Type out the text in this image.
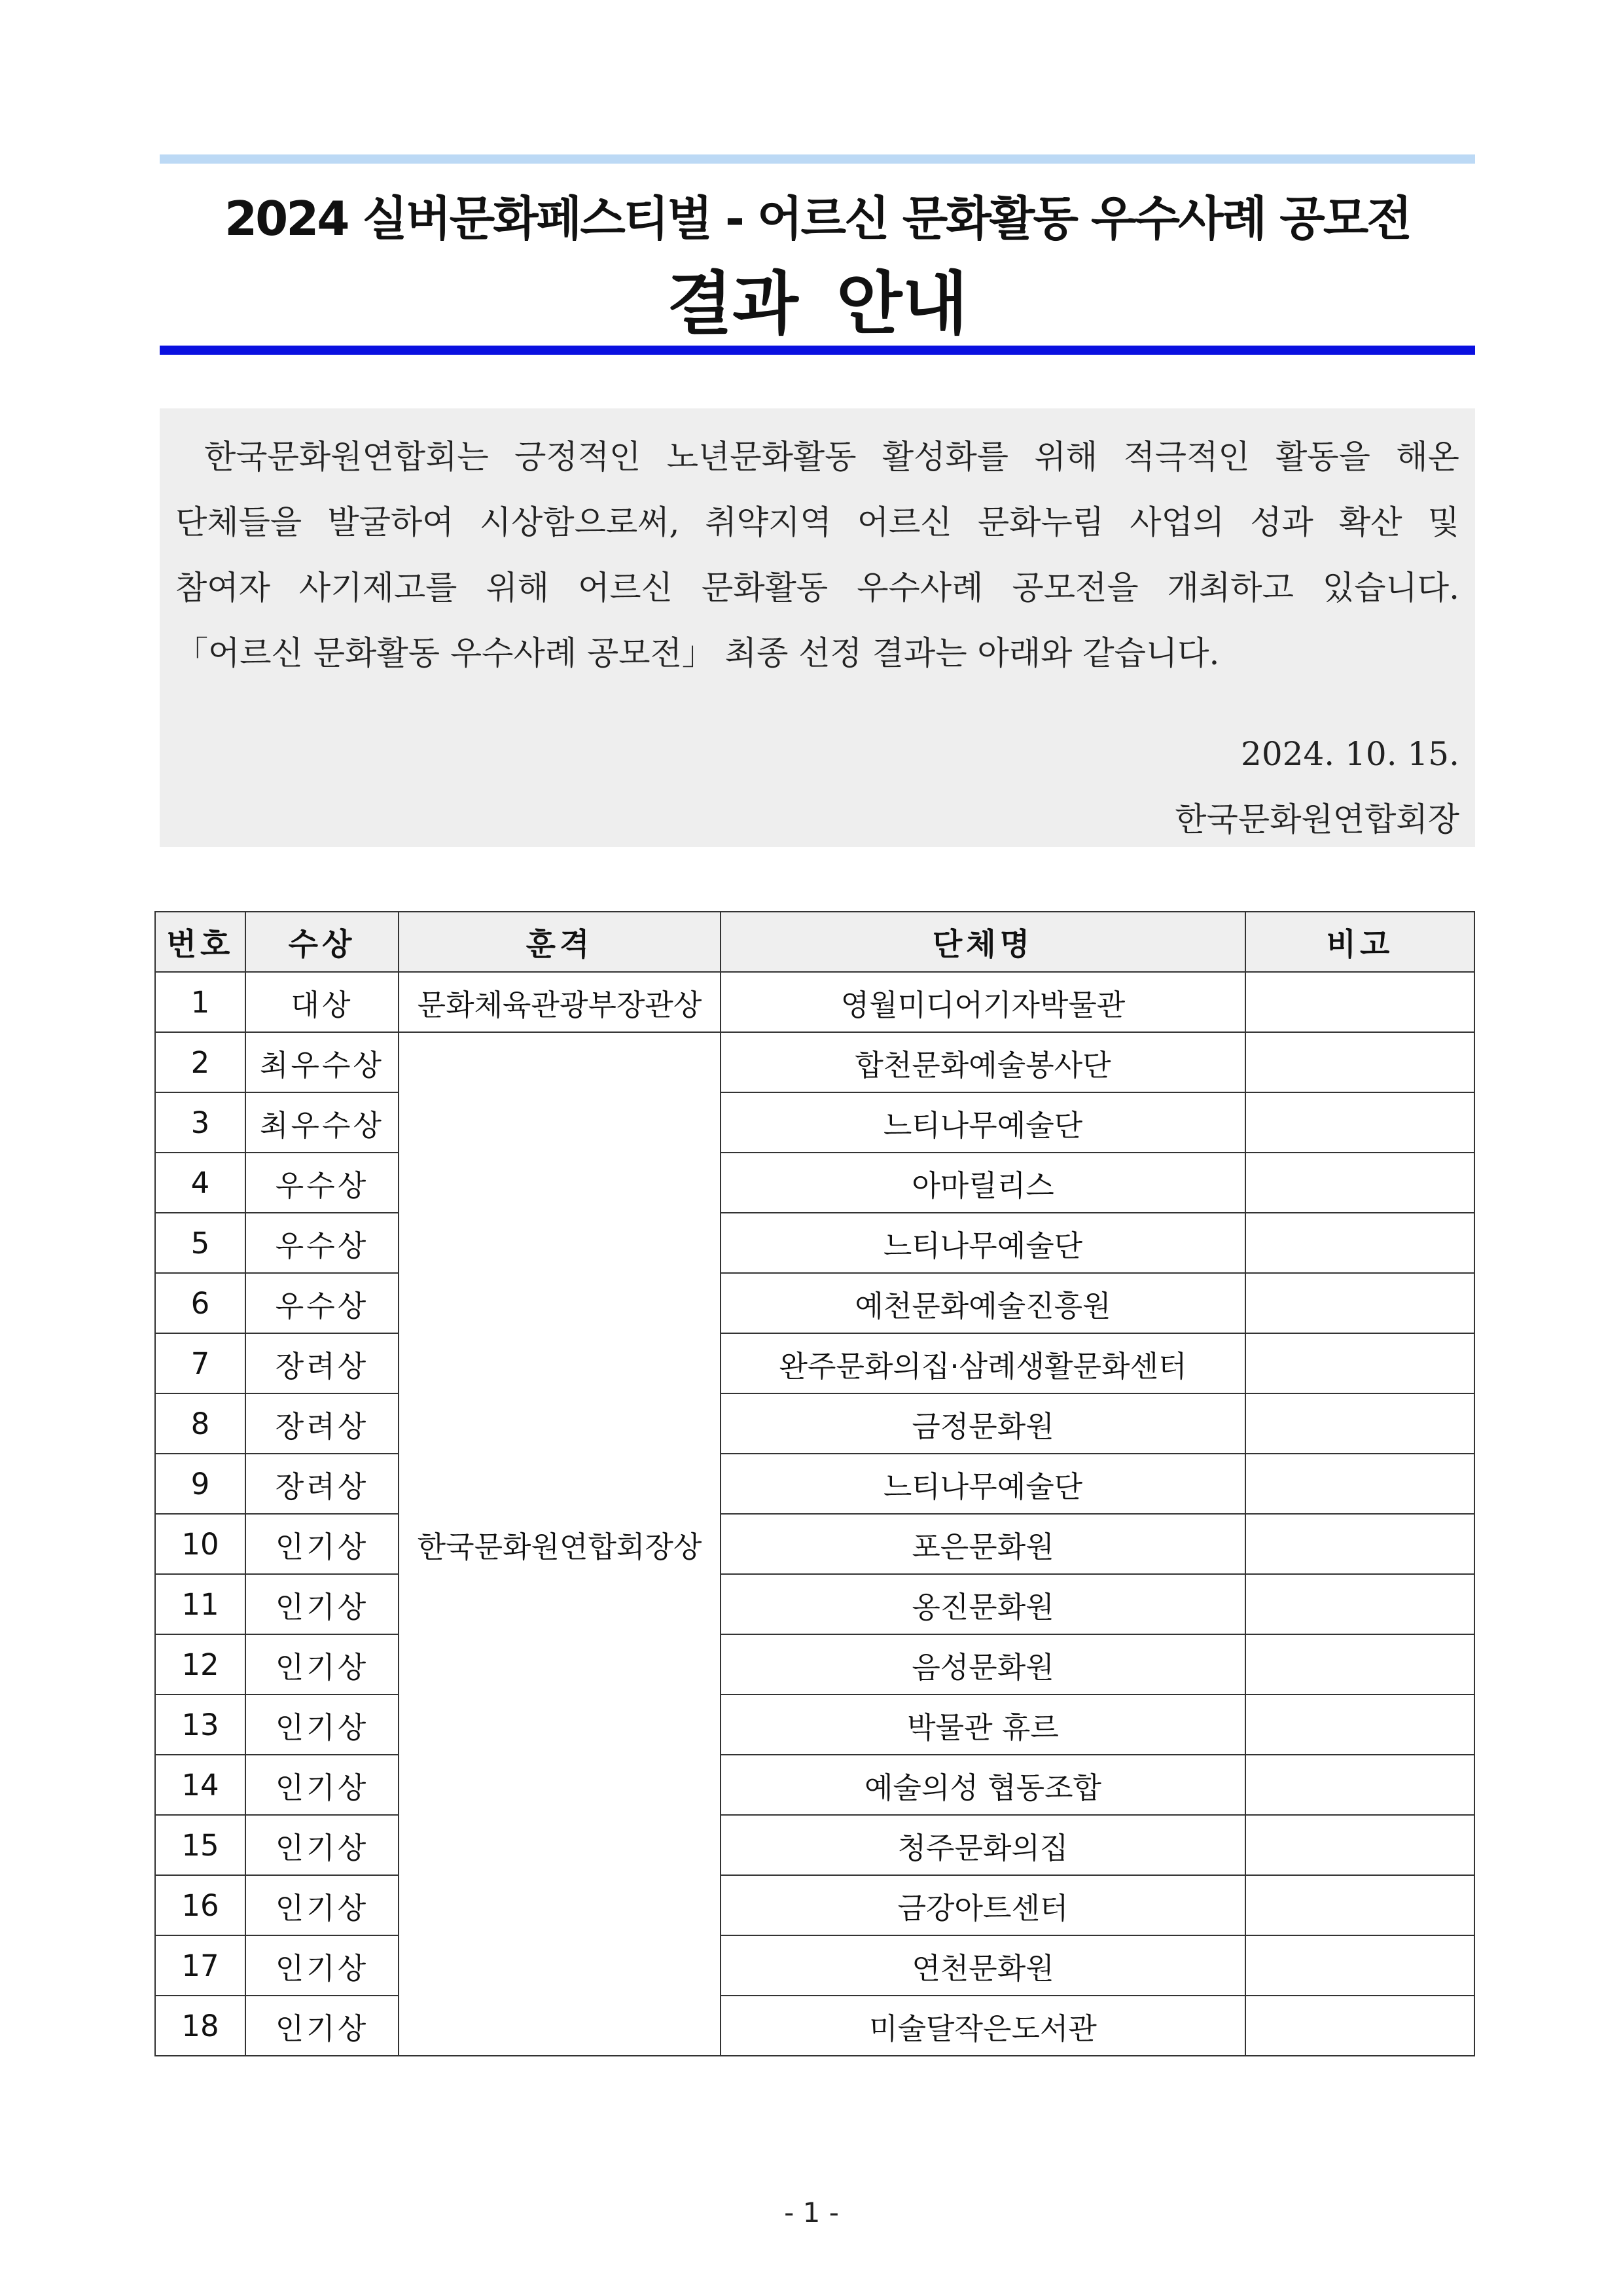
2024 실버문화페스티벌 - 어르신 문화활동 우수사례 공모전
결과 안내
한국문화원연합회는 긍정적인 노년문화활동 활성화를 위해 적극적인 활동을 해온
단체들을 발굴하여 시상함으로써, 취약지역 어르신 문화누림 사업의 성과 확산 및
참여자 사기제고를 위해 어르신 문화활동 우수사례 공모전을 개최하고 있습니다.
「어르신 문화활동 우수사례 공모전」 최종 선정 결과는 아래와 같습니다.
2024. 10. 15.
한국문화원연합회장
번호	수상	훈격	단체명	비고
1	대상	문화체육관광부장관상	영월미디어기자박물관	
2	최우수상	한국문화원연합회장상	합천문화예술봉사단	
3	최우수상		느티나무예술단	
4	우수상		아마릴리스	
5	우수상		느티나무예술단	
6	우수상		예천문화예술진흥원	
7	장려상		완주문화의집·삼례생활문화센터	
8	장려상		금정문화원	
9	장려상		느티나무예술단	
10	인기상		포은문화원	
11	인기상		옹진문화원	
12	인기상		음성문화원	
13	인기상		박물관 휴르	
14	인기상		예술의성 협동조합	
15	인기상		청주문화의집	
16	인기상		금강아트센터	
17	인기상		연천문화원	
18	인기상		미술달작은도서관	
- 1 -
